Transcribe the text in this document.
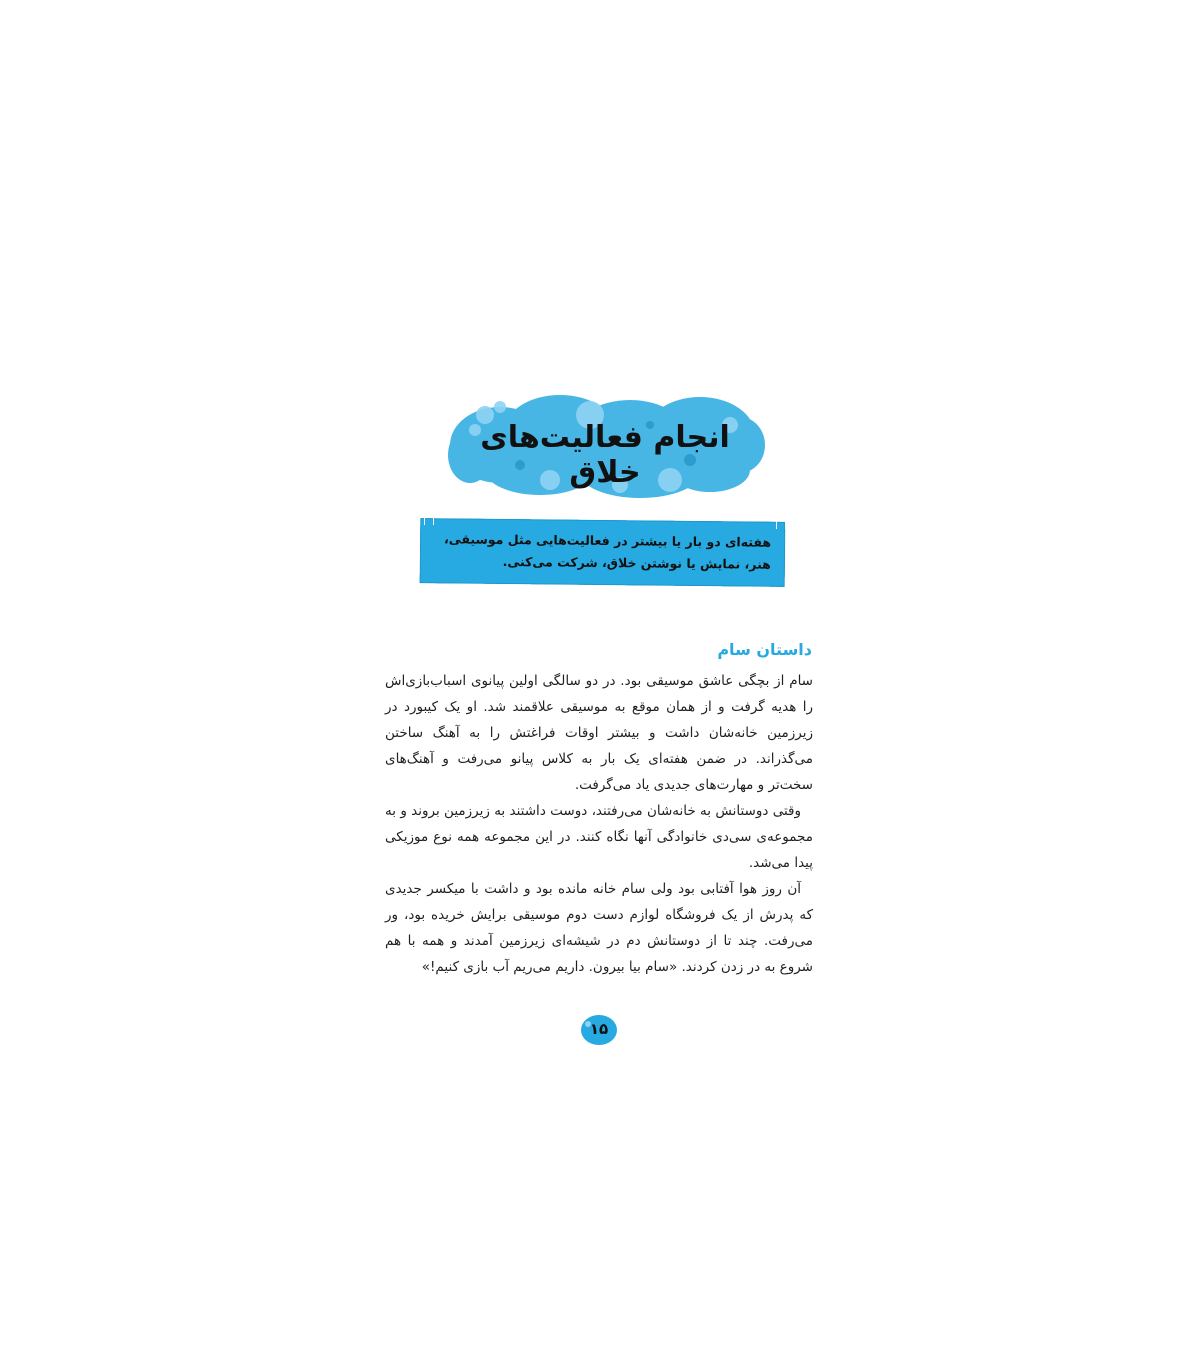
انجام فعالیت‌های خلاق
هفته‌ای دو بار یا بیشتر در فعالیت‌هایی مثل موسیقی، هنر، نمایش یا نوشتن خلاق، شرکت می‌کنی.
داستان سام

سام از بچگی عاشق موسیقی بود. در دو سالگی اولین پیانوی اسباب‌بازی‌اش را هدیه گرفت و از همان موقع به موسیقی علاقمند شد. او یک کیبورد در زیرزمین خانه‌شان داشت و بیشتر اوقات فراغتش را به آهنگ ساختن می‌گذراند. در ضمن هفته‌ای یک بار به کلاس پیانو می‌رفت و آهنگ‌های سخت‌تر و مهارت‌های جدیدی یاد می‌گرفت.

وقتی دوستانش به خانه‌شان می‌رفتند، دوست داشتند به زیرزمین بروند و به مجموعه‌ی سی‌دی خانوادگی آنها نگاه کنند. در این مجموعه همه نوع موزیکی پیدا می‌شد.

آن روز هوا آفتابی بود ولی سام خانه مانده بود و داشت با میکسر جدیدی که پدرش از یک فروشگاه لوازم دست دوم موسیقی برایش خریده بود، ور می‌رفت. چند تا از دوستانش دم در شیشه‌ای زیرزمین آمدند و همه با هم شروع به در زدن کردند. «سام بیا بیرون. داریم می‌ریم آب بازی کنیم!»

۱۵
